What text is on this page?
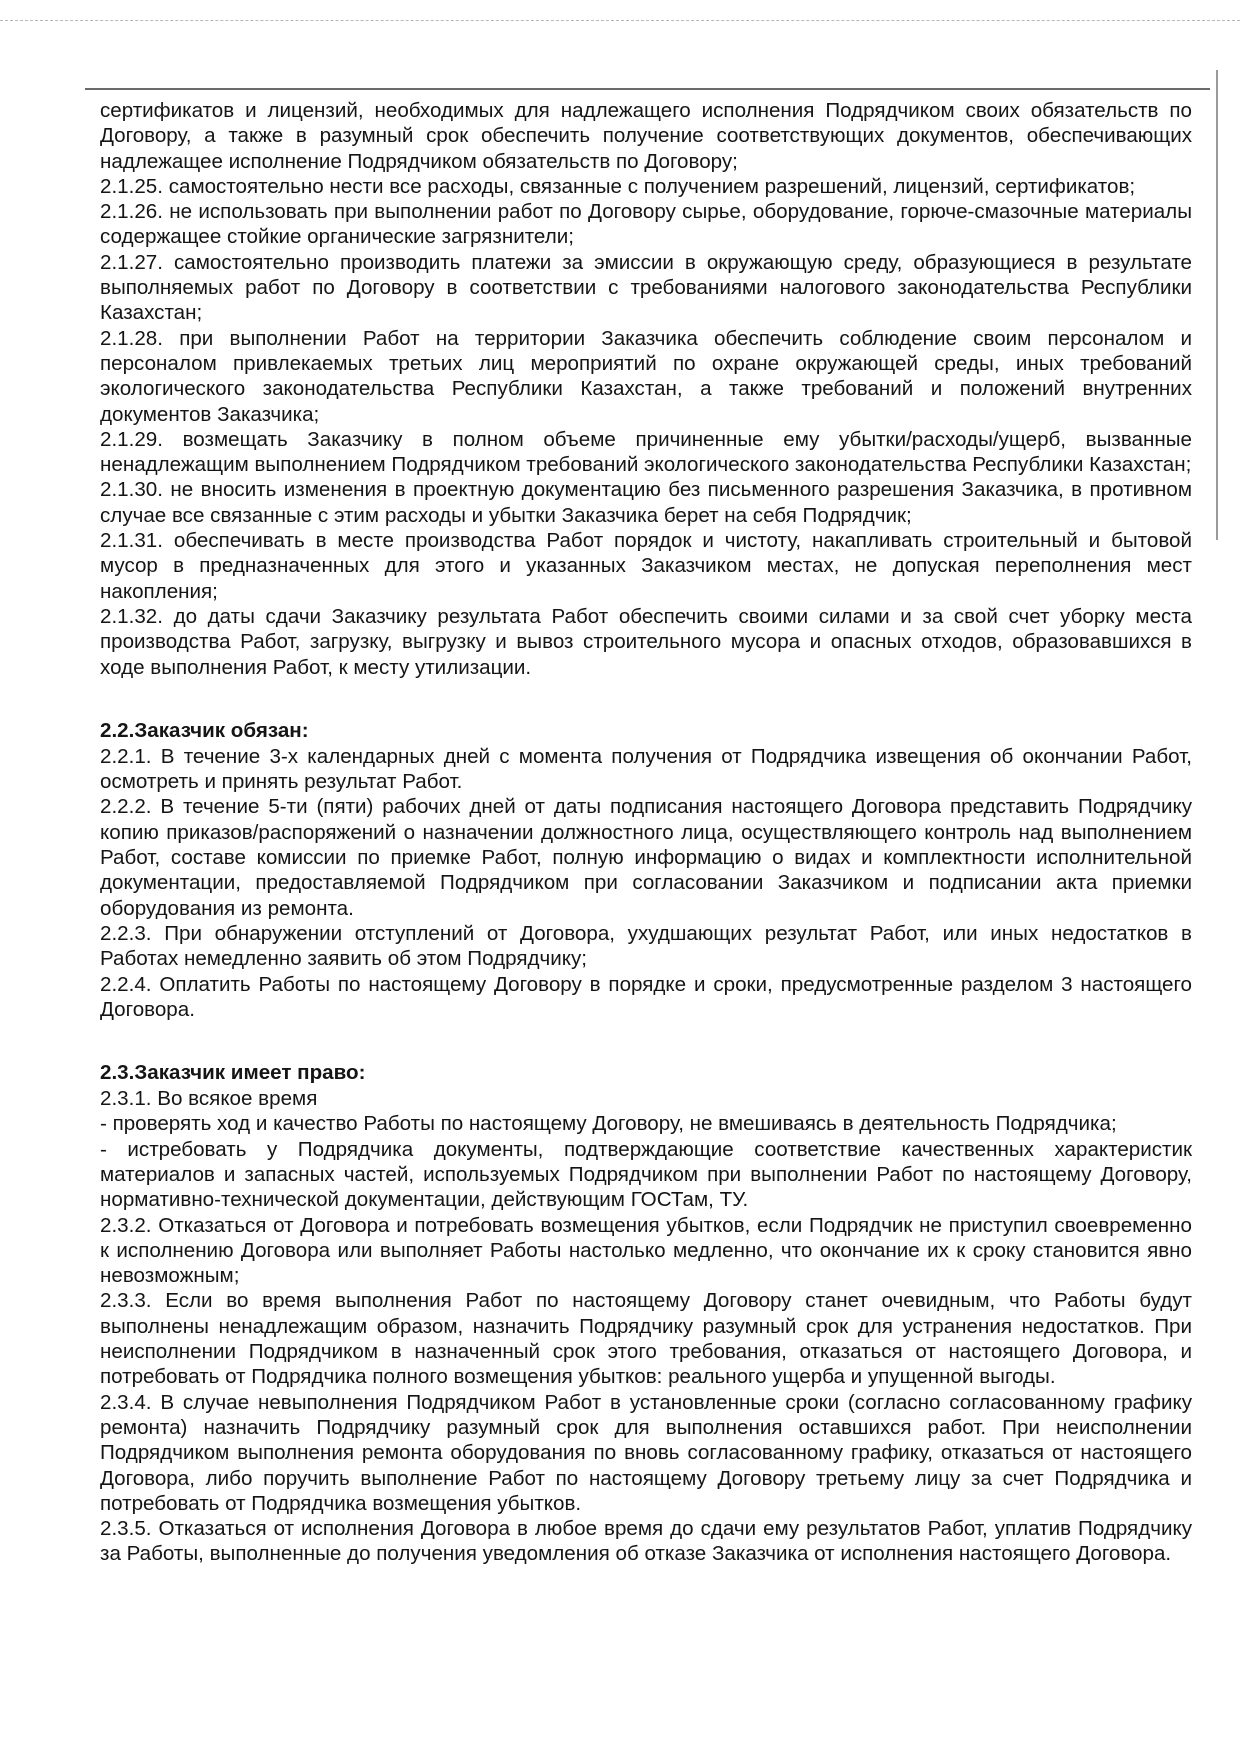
сертификатов и лицензий, необходимых для надлежащего исполнения Подрядчиком своих обязательств по Договору, а также в разумный срок обеспечить получение соответствующих документов, обеспечивающих надлежащее исполнение Подрядчиком обязательств по Договору;

2.1.25. самостоятельно нести все расходы, связанные с получением разрешений, лицензий, сертификатов;

2.1.26. не использовать при выполнении работ по Договору сырье, оборудование, горюче-смазочные материалы содержащее стойкие органические загрязнители;

2.1.27. самостоятельно производить платежи за эмиссии в окружающую среду, образующиеся в результате выполняемых работ по Договору в соответствии с требованиями налогового законодательства Республики Казахстан;

2.1.28. при выполнении Работ на территории Заказчика обеспечить соблюдение своим персоналом и персоналом привлекаемых третьих лиц мероприятий по охране окружающей среды, иных требований экологического законодательства Республики Казахстан, а также требований и положений внутренних документов Заказчика;

2.1.29. возмещать Заказчику в полном объеме причиненные ему убытки/расходы/ущерб, вызванные ненадлежащим выполнением Подрядчиком требований экологического законодательства Республики Казахстан;

2.1.30. не вносить изменения в проектную документацию без письменного разрешения Заказчика, в противном случае все связанные с этим расходы и убытки Заказчика берет на себя Подрядчик;

2.1.31. обеспечивать в месте производства Работ порядок и чистоту, накапливать строительный и бытовой мусор в предназначенных для этого и указанных Заказчиком местах, не допуская переполнения мест накопления;

2.1.32. до даты сдачи Заказчику результата Работ обеспечить своими силами и за свой счет уборку места производства Работ, загрузку, выгрузку и вывоз строительного мусора и опасных отходов, образовавшихся в ходе выполнения Работ, к месту утилизации.

2.2.Заказчик обязан:

2.2.1. В течение 3-х календарных дней с момента получения от Подрядчика извещения об окончании Работ, осмотреть и принять результат Работ.

2.2.2. В течение 5-ти (пяти) рабочих дней от даты подписания настоящего Договора представить Подрядчику копию приказов/распоряжений о назначении должностного лица, осуществляющего контроль над выполнением Работ, составе комиссии по приемке Работ, полную информацию о видах и комплектности исполнительной документации, предоставляемой Подрядчиком при согласовании Заказчиком и подписании акта приемки оборудования из ремонта.

2.2.3. При обнаружении отступлений от Договора, ухудшающих результат Работ, или иных недостатков в Работах немедленно заявить об этом Подрядчику;

2.2.4. Оплатить Работы по настоящему Договору в порядке и сроки, предусмотренные разделом 3 настоящего Договора.

2.3.Заказчик имеет право:

2.3.1. Во всякое время

- проверять ход и качество Работы по настоящему Договору, не вмешиваясь в деятельность Подрядчика;

- истребовать у Подрядчика документы, подтверждающие соответствие качественных характеристик материалов и запасных частей, используемых Подрядчиком при выполнении Работ по настоящему Договору, нормативно-технической документации, действующим ГОСТам, ТУ.

2.3.2. Отказаться от Договора и потребовать возмещения убытков, если Подрядчик не приступил своевременно к исполнению Договора или выполняет Работы настолько медленно, что окончание их к сроку становится явно невозможным;

2.3.3. Если во время выполнения Работ по настоящему Договору станет очевидным, что Работы будут выполнены ненадлежащим образом, назначить Подрядчику разумный срок для устранения недостатков. При неисполнении Подрядчиком в назначенный срок этого требования, отказаться от настоящего Договора, и потребовать от Подрядчика полного возмещения убытков: реального ущерба и упущенной выгоды.

2.3.4. В случае невыполнения Подрядчиком Работ в установленные сроки (согласно согласованному графику ремонта) назначить Подрядчику разумный срок для выполнения оставшихся работ. При неисполнении Подрядчиком выполнения ремонта оборудования по вновь согласованному графику, отказаться от настоящего Договора, либо поручить выполнение Работ по настоящему Договору третьему лицу за счет Подрядчика и потребовать от Подрядчика возмещения убытков.

2.3.5. Отказаться от исполнения Договора в любое время до сдачи ему результатов Работ, уплатив Подрядчику за Работы, выполненные до получения уведомления об отказе Заказчика от исполнения настоящего Договора.
